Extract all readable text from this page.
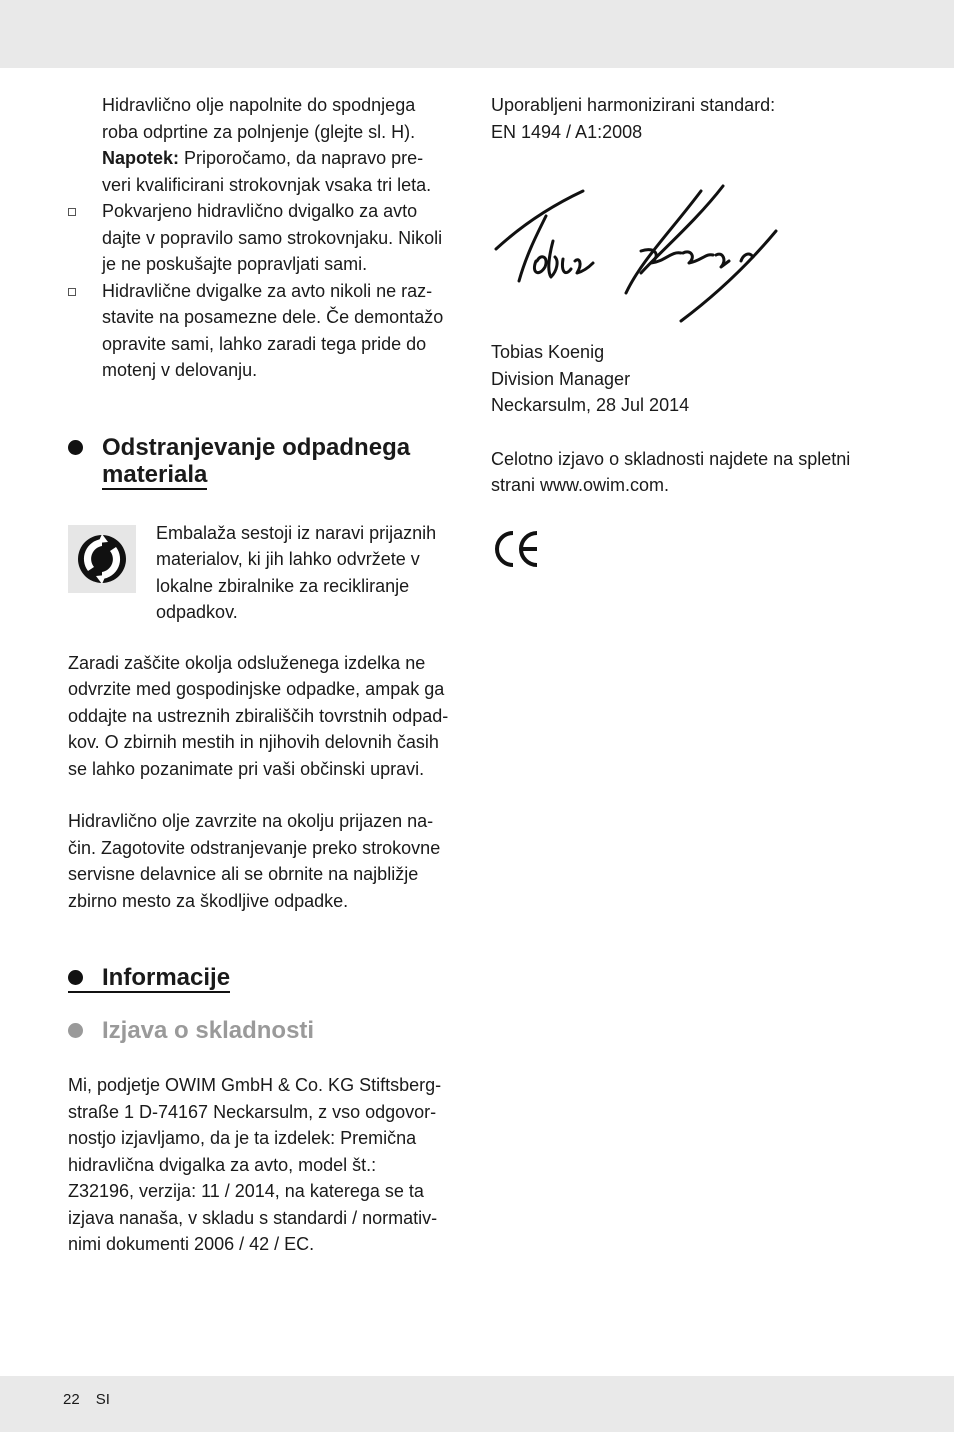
Hidravlično olje napolnite do spodnjega
roba odprtine za polnjenje (glejte sl. H).
Napotek: Priporočamo, da napravo pre-
veri kvalificirani strokovnjak vsaka tri leta.
Pokvarjeno hidravlično dvigalko za avto
dajte v popravilo samo strokovnjaku. Nikoli
je ne poskušajte popravljati sami.
Hidravlične dvigalke za avto nikoli ne raz-
stavite na posamezne dele. Če demontažo
opravite sami, lahko zaradi tega pride do
motenj v delovanju.
Odstranjevanje odpadnega
materiala
Embalaža sestoji iz naravi prijaznih
materialov, ki jih lahko odvržete v
lokalne zbiralnike za recikliranje
odpadkov.
Zaradi zaščite okolja odsluženega izdelka ne
odvrzite med gospodinjske odpadke, ampak ga
oddajte na ustreznih zbirališčih tovrstnih odpad-
kov. O zbirnih mestih in njihovih delovnih časih
se lahko pozanimate pri vaši občinski upravi.
Hidravlično olje zavrzite na okolju prijazen na-
čin. Zagotovite odstranjevanje preko strokovne
servisne delavnice ali se obrnite na najbližje
zbirno mesto za škodljive odpadke.
Informacije
Izjava o skladnosti
Mi, podjetje OWIM GmbH & Co. KG Stiftsberg-
straße 1 D-74167 Neckarsulm, z vso odgovor-
nostjo izjavljamo, da je ta izdelek: Premična
hidravlična dvigalka za avto, model št.:
Z32196, verzija: 11 / 2014, na katerega se ta
izjava nanaša, v skladu s standardi / normativ-
nimi dokumenti 2006 / 42 / EC.
Uporabljeni harmonizirani standard:
EN 1494 / A1:2008
Tobias Koenig
Division Manager
Neckarsulm, 28 Jul 2014
Celotno izjavo o skladnosti najdete na spletni
strani www.owim.com.
22 SI
